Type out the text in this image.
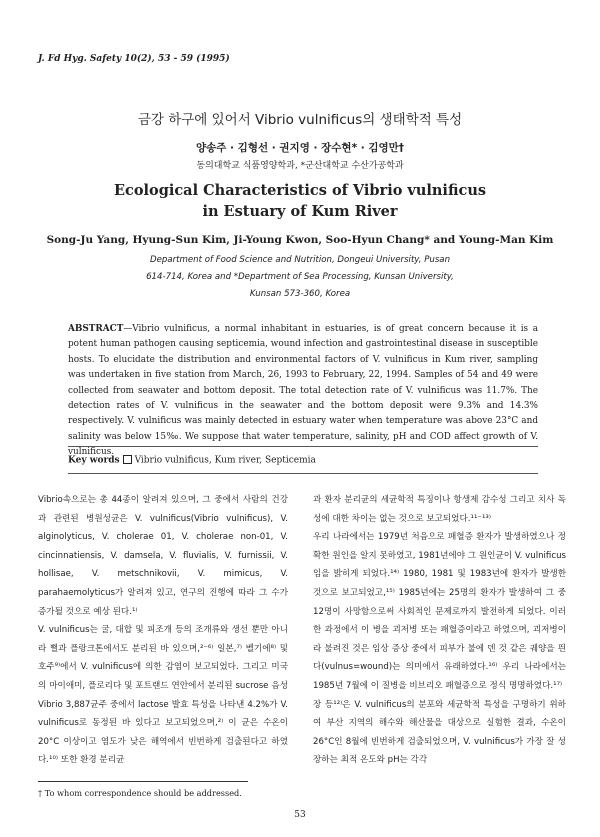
J. Fd Hyg. Safety 10(2), 53 - 59 (1995)
금강 하구에 있어서 Vibrio vulnificus의 생태학적 특성
양송주 · 김형선 · 권지영 · 장수현* · 김영만†
동의대학교 식품영양학과, *군산대학교 수산가공학과
Ecological Characteristics of Vibrio vulnificus
in Estuary of Kum River
Song-Ju Yang, Hyung-Sun Kim, Ji-Young Kwon, Soo-Hyun Chang* and Young-Man Kim
Department of Food Science and Nutrition, Dongeui University, Pusan
614-714, Korea and *Department of Sea Processing, Kunsan University,
Kunsan 573-360, Korea
ABSTRACT—Vibrio vulnificus, a normal inhabitant in estuaries, is of great concern because it is a potent human pathogen causing septicemia, wound infection and gastrointestinal disease in susceptible hosts. To elucidate the distribution and environmental factors of V. vulnificus in Kum river, sampling was undertaken in five station from March, 26, 1993 to February, 22, 1994. Samples of 54 and 49 were collected from seawater and bottom deposit. The total detection rate of V. vulnificus was 11.7%. The detection rates of V. vulnificus in the seawater and the bottom deposit were 9.3% and 14.3% respectively. V. vulnificus was mainly detected in estuary water when temperature was above 23°C and salinity was below 15‰. We suppose that water temperature, salinity, pH and COD affect growth of V. vulnificus.
Key words Vibrio vulnificus, Kum river, Septicemia

Vibrio속으로는 총 44종이 알려져 있으며, 그 중에서 사람의 건강과 관련된 병원성균은 V. vulnificus(Vibrio vulnificus), V. alginolyticus, V. cholerae 01, V. cholerae non-01, V. cincinnatiensis, V. damsela, V. fluvialis, V. furnissii, V. hollisae, V. metschnikovii, V. mimicus, V. parahaemolyticus가 알려져 있고, 연구의 진행에 따라 그 수가 증가될 것으로 예상 된다.¹⁾

V. vulnificus는 굴, 대합 및 피조개 등의 조개류와 생선 뿐만 아니라 뻘과 플랑크톤에서도 분리된 바 있으며,²⁻⁶⁾ 일본,⁷⁾ 벨기에⁸⁾ 및 호주⁹⁾에서 V. vulnificus에 의한 감염이 보고되었다. 그리고 미국의 마이애미, 플로리다 및 포트랜드 연안에서 분리된 sucrose 음성 Vibrio 3,887균주 중에서 lactose 발효 특성을 나타낸 4.2%가 V. vulnificus로 동정된 바 있다고 보고되었으며,²⁾ 이 균은 수온이 20°C 이상이고 염도가 낮은 해역에서 빈번하게 검출된다고 하였다.¹⁰⁾ 또한 환경 분리균

과 환자 분리균의 세균학적 특징이나 항생제 감수성 그리고 치사 독성에 대한 차이는 없는 것으로 보고되었다.¹¹⁻¹³⁾

우리 나라에서는 1979년 처음으로 패혈증 환자가 발생하였으나 정확한 원인을 알지 못하였고, 1981년에야 그 원인균이 V. vulnificus임을 밝히게 되었다.¹⁴⁾ 1980, 1981 및 1983년에 환자가 발생한 것으로 보고되었고,¹⁵⁾ 1985년에는 25명의 환자가 발생하여 그 중 12명이 사망함으로써 사회적인 문제로까지 발전하게 되었다. 이러한 과정에서 이 병을 괴저병 또는 패혈증이라고 하였으며, 괴저병이라 불려진 것은 임상 증상 중에서 피부가 불에 덴 것 같은 궤양을 띈다(vulnus=wound)는 의미에서 유래하였다.¹⁶⁾ 우리 나라에서는 1985년 7월에 이 질병을 비브리오 패혈증으로 정식 명명하였다.¹⁷⁾

장 등¹²⁾은 V. vulnificus의 분포와 세균학적 특성을 구명하기 위하여 부산 지역의 해수와 해산물을 대상으로 실험한 결과, 수온이 26°C인 8월에 빈번하게 검출되었으며, V. vulnificus가 가장 잘 성장하는 최적 온도와 pH는 각각

† To whom correspondence should be addressed.
53
